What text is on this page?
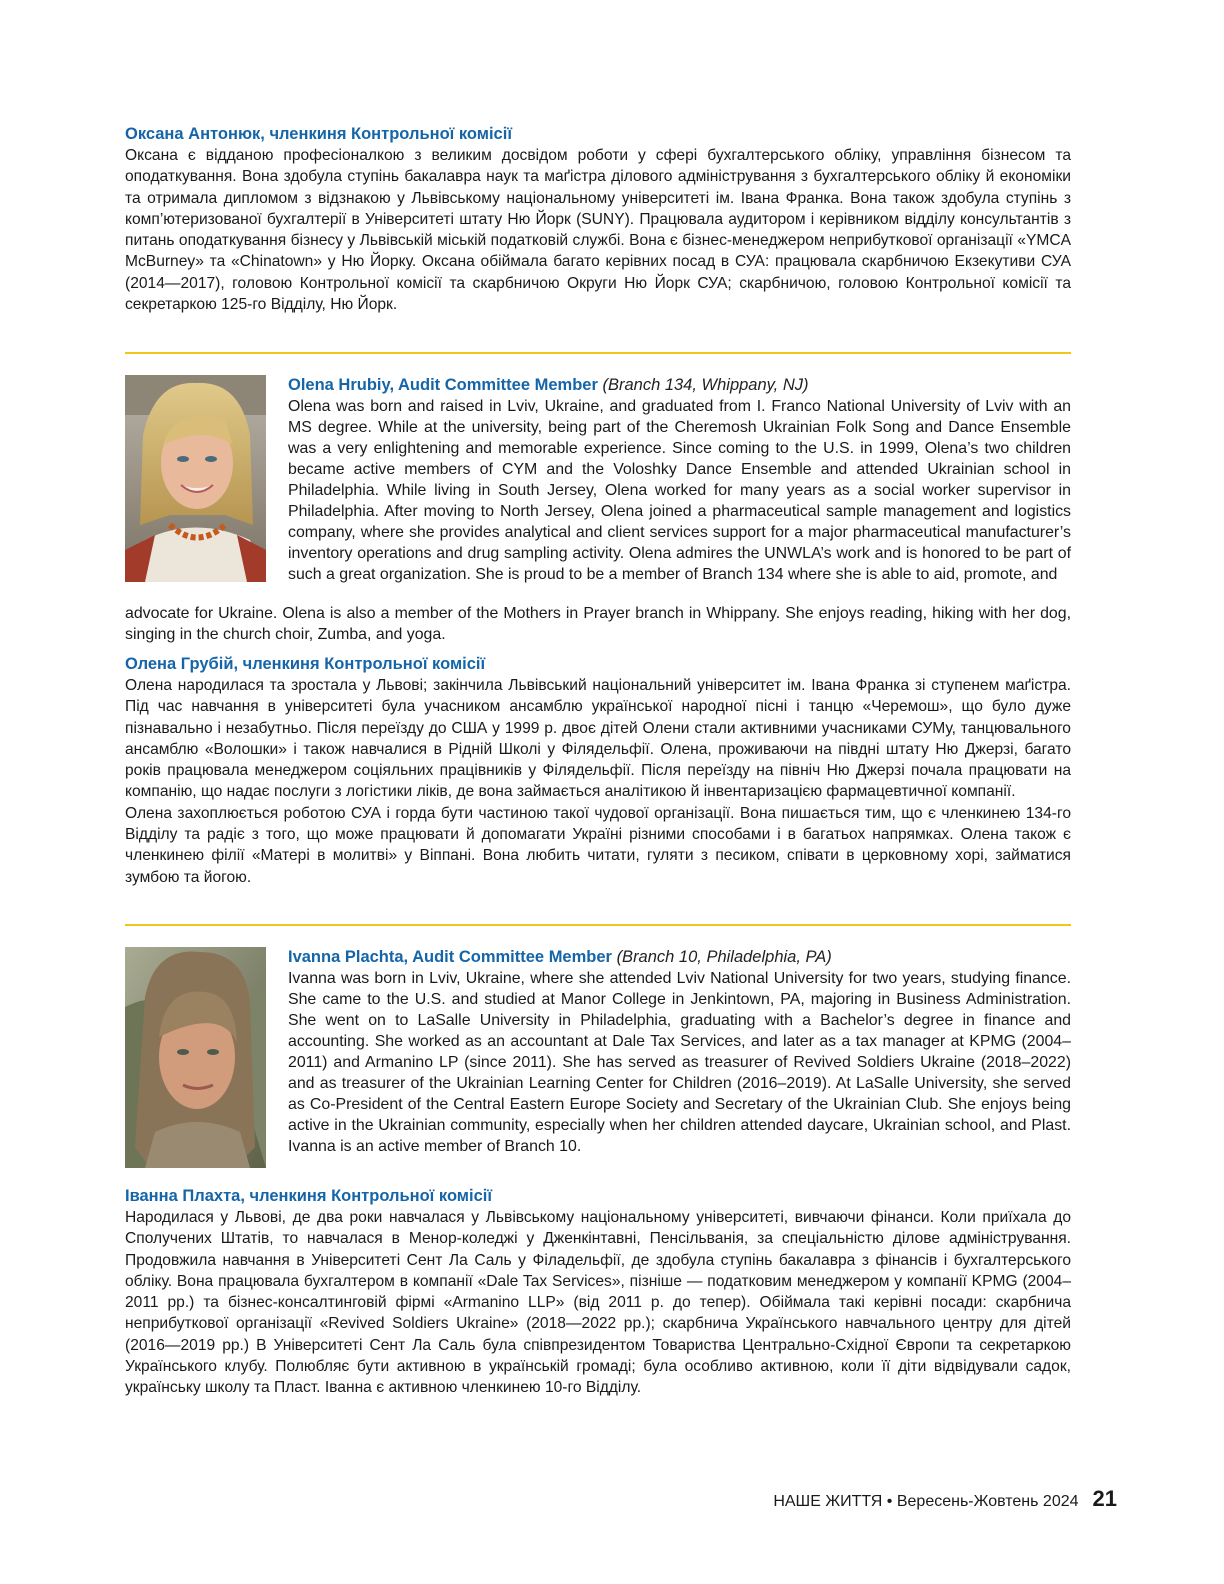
Оксана Антонюк, членкиня Контрольної комісії

Оксана є відданою професіоналкою з великим досвідом роботи у сфері бухгалтерського обліку, управління бізнесом та оподаткування. Вона здобула ступінь бакалавра наук та маґістра ділового адміністрування з бухгалтерського обліку й економіки та отримала дипломом з відзнакою у Львівському національному університеті ім. Івана Франка. Вона також здобула ступінь з комп’ютеризованої бухгалтерії в Університеті штату Ню Йорк (SUNY). Працювала аудитором і керівником відділу консультантів з питань оподаткування бізнесу у Львівській міській податковій службі. Вона є бізнес-менеджером неприбуткової організації «YMCA McBurney» та «Chinatown» у Ню Йорку. Оксана обіймала багато керівних посад в СУА: працювала скарбничою Екзекутиви СУА (2014—2017), головою Контрольної комісії та скарбничою Округи Ню Йорк СУА; скарбничою, головою Контрольної комісії та секретаркою 125-го Відділу, Ню Йорк.

Olena Hrubiy, Audit Committee Member (Branch 134, Whippany, NJ)

Olena was born and raised in Lviv, Ukraine, and graduated from I. Franco National University of Lviv with an MS degree. While at the university, being part of the Cheremosh Ukrainian Folk Song and Dance Ensemble was a very enlightening and memorable experience. Since coming to the U.S. in 1999, Olena’s two children became active members of CYM and the Voloshky Dance Ensemble and attended Ukrainian school in Philadelphia. While living in South Jersey, Olena worked for many years as a social worker supervisor in Philadelphia. After moving to North Jersey, Olena joined a pharmaceutical sample management and logistics company, where she provides analytical and client services support for a major pharmaceutical manufacturer’s inventory operations and drug sampling activity. Olena admires the UNWLA’s work and is honored to be part of such a great organization. She is proud to be a member of Branch 134 where she is able to aid, promote, and

advocate for Ukraine. Olena is also a member of the Mothers in Prayer branch in Whippany. She enjoys reading, hiking with her dog, singing in the church choir, Zumba, and yoga.

Олена Грубій, членкиня Контрольної комісії

Олена народилася та зростала у Львові; закінчила Львівський національний університет ім. Івана Франка зі ступенем маґістра. Під час навчання в університеті була учасником ансамблю української народної пісні і танцю «Черемош», що було дуже пізнавально і незабутньо. Після переїзду до США у 1999 р. двоє дітей Олени стали активними учасниками СУМу, танцювального ансамблю «Волошки» і також навчалися в Рідній Школі у Філядельфії. Олена, проживаючи на півдні штату Ню Джерзі, багато років працювала менеджером соціяльних працівників у Філядельфії. Після переїзду на північ Ню Джерзі почала працювати на компанію, що надає послуги з логістики ліків, де вона займається аналітикою й інвентаризацією фармацевтичної компанії.

Олена захоплюється роботою СУА і горда бути частиною такої чудової організації. Вона пишається тим, що є членкинею 134-го Відділу та радіє з того, що може працювати й допомагати Україні різними способами і в багатьох напрямках. Олена також є членкинею філії «Матері в молитві» у Віппані. Вона любить читати, гуляти з песиком, співати в церковному хорі, займатися зумбою та йогою.

Ivanna Plachta, Audit Committee Member (Branch 10, Philadelphia, PA)

Ivanna was born in Lviv, Ukraine, where she attended Lviv National University for two years, studying finance. She came to the U.S. and studied at Manor College in Jenkintown, PA, majoring in Business Administration. She went on to LaSalle University in Philadelphia, graduating with a Bachelor’s degree in finance and accounting. She worked as an accountant at Dale Tax Services, and later as a tax manager at KPMG (2004–2011) and Armanino LP (since 2011). She has served as treasurer of Revived Soldiers Ukraine (2018–2022) and as treasurer of the Ukrainian Learning Center for Children (2016–2019). At LaSalle University, she served as Co-President of the Central Eastern Europe Society and Secretary of the Ukrainian Club. She enjoys being active in the Ukrainian community, especially when her children attended daycare, Ukrainian school, and Plast. Ivanna is an active member of Branch 10.

Іванна Плахта, членкиня Контрольної комісії

Народилася у Львові, де два роки навчалася у Львівському національному університеті, вивчаючи фінанси. Коли приїхала до Сполучених Штатів, то навчалася в Менор-коледжі у Дженкінтавні, Пенсільванія, за спеціальністю ділове адміністрування. Продовжила навчання в Університеті Сент Ла Саль у Філадельфії, де здобула ступінь бакалавра з фінансів і бухгалтерського обліку. Вона працювала бухгалтером в компанії «Dale Tax Services», пізніше — податковим менеджером у компанії KPMG (2004–2011 рр.) та бізнес-консалтинговій фірмі «Armanino LLP» (від 2011 р. до тепер). Обіймала такі керівні посади: скарбнича неприбуткової організації «Revived Soldiers Ukraine» (2018—2022 рр.); скарбнича Українського навчального центру для дітей (2016—2019 рр.) В Університеті Сент Ла Саль була співпрезидентом Товариства Центрально-Східної Європи та секретаркою Українського клубу. Полюбляє бути активною в українській громаді; була особливо активною, коли її діти відвідували садок, українську школу та Пласт. Іванна є активною членкинею 10-го Відділу.

НАШЕ ЖИТТЯ • Вересень-Жовтень 2024 21
